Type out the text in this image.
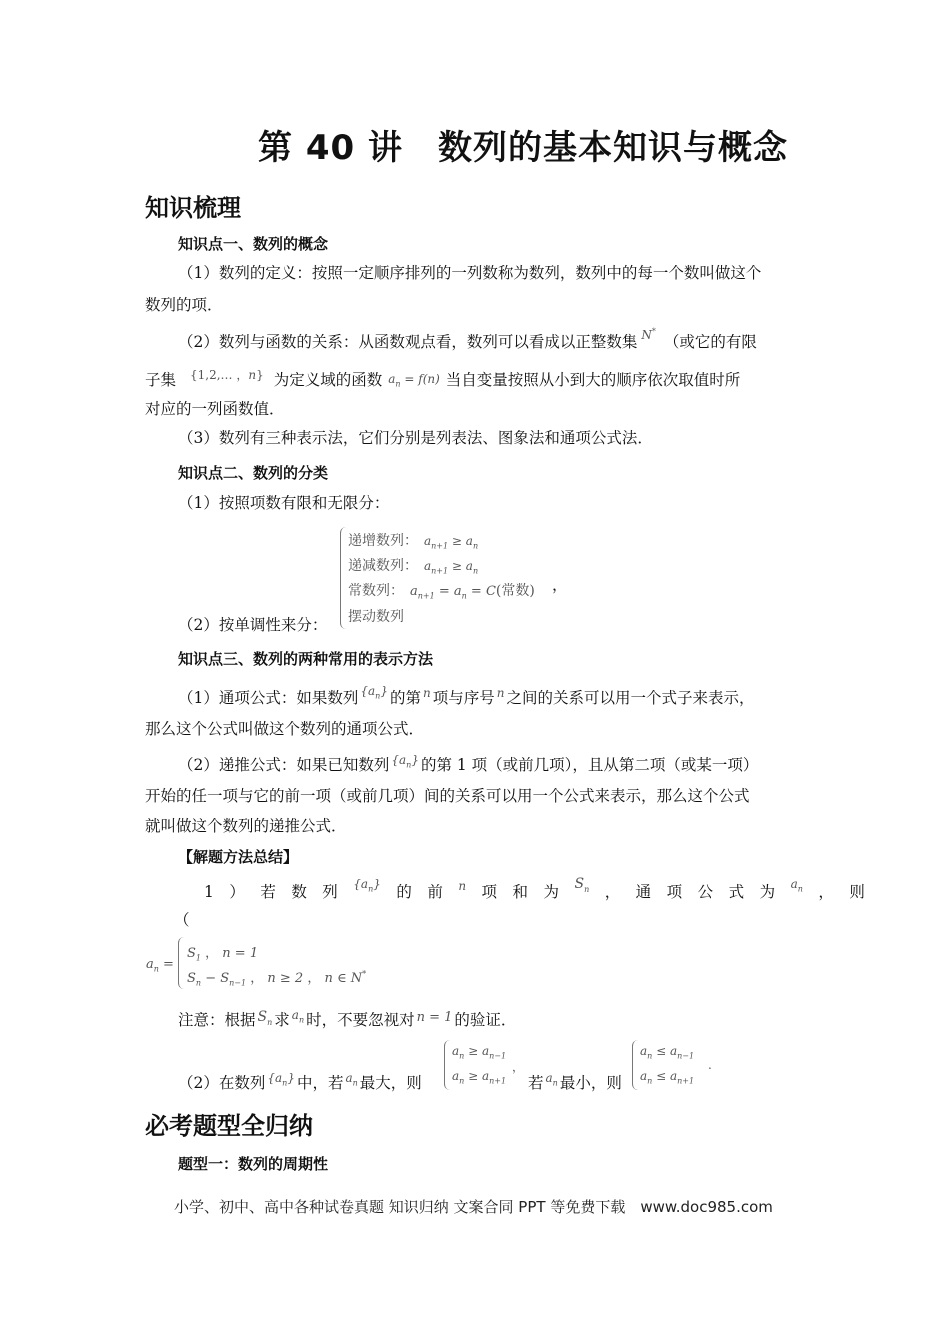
第 40 讲　数列的基本知识与概念
知识梳理
知识点一、数列的概念
（1）数列的定义：按照一定顺序排列的一列数称为数列，数列中的每一个数叫做这个
数列的项．
（2）数列与函数的关系：从函数观点看，数列可以看成以正整数集 $^{N^*}$（或它的有限
子集 $^{\{1,2,\dots ,n\}}$ 为定义域的函数 $a_n = f(n)$ 当自变量按照从小到大的顺序依次取值时所
对应的一列函数值．
（3）数列有三种表示法，它们分别是列表法、图象法和通项公式法．
知识点二、数列的分类
（1）按照项数有限和无限分：
递增数列： $a_{n+1} \ge a_n$
递减数列： $a_{n+1} \ge a_n$
常数列： $a_{n+1} = a_n = C$(常数)
摆动数列
，
（2）按单调性来分：
知识点三、数列的两种常用的表示方法
（1）通项公式：如果数列 $^{\{a_n\}}$ 的第 $^n$ 项与序号 $^n$ 之间的关系可以用一个式子来表示，
那么这个公式叫做这个数列的通项公式．
（2）递推公式：如果已知数列 $^{\{a_n\}}$ 的第 1 项（或前几项），且从第二项（或某一项）
开始的任一项与它的前一项（或前几项）间的关系可以用一个公式来表示，那么这个公式
就叫做这个数列的递推公式．
【解题方法总结】
1 ） 若 数 列 $\{a_n\}$ 的 前 n 项 和 为 $S_n$ ， 通 项 公 式 为 $a_n$ ， 则
（
$a_n$ =
$S_1$ ， n = 1
$S_n - S_{n-1}$ ， n ≥ 2 ， n ∈ N*
注意：根据 $S_n$ 求 $^{a_n}$ 时，不要忽视对 $^{n = 1}$ 的验证．
（2）在数列 $^{\{a_n\}}$ 中，若 $^{a_n}$ 最大，则
$a_n \ge a_{n-1}$
$a_n \ge a_{n+1}$
，
若 $^{a_n}$ 最小，则
$a_n \le a_{n-1}$
$a_n \le a_{n+1}$
.
必考题型全归纳
题型一：数列的周期性
小学、初中、高中各种试卷真题 知识归纳 文案合同 PPT 等免费下载　www.doc985.com
